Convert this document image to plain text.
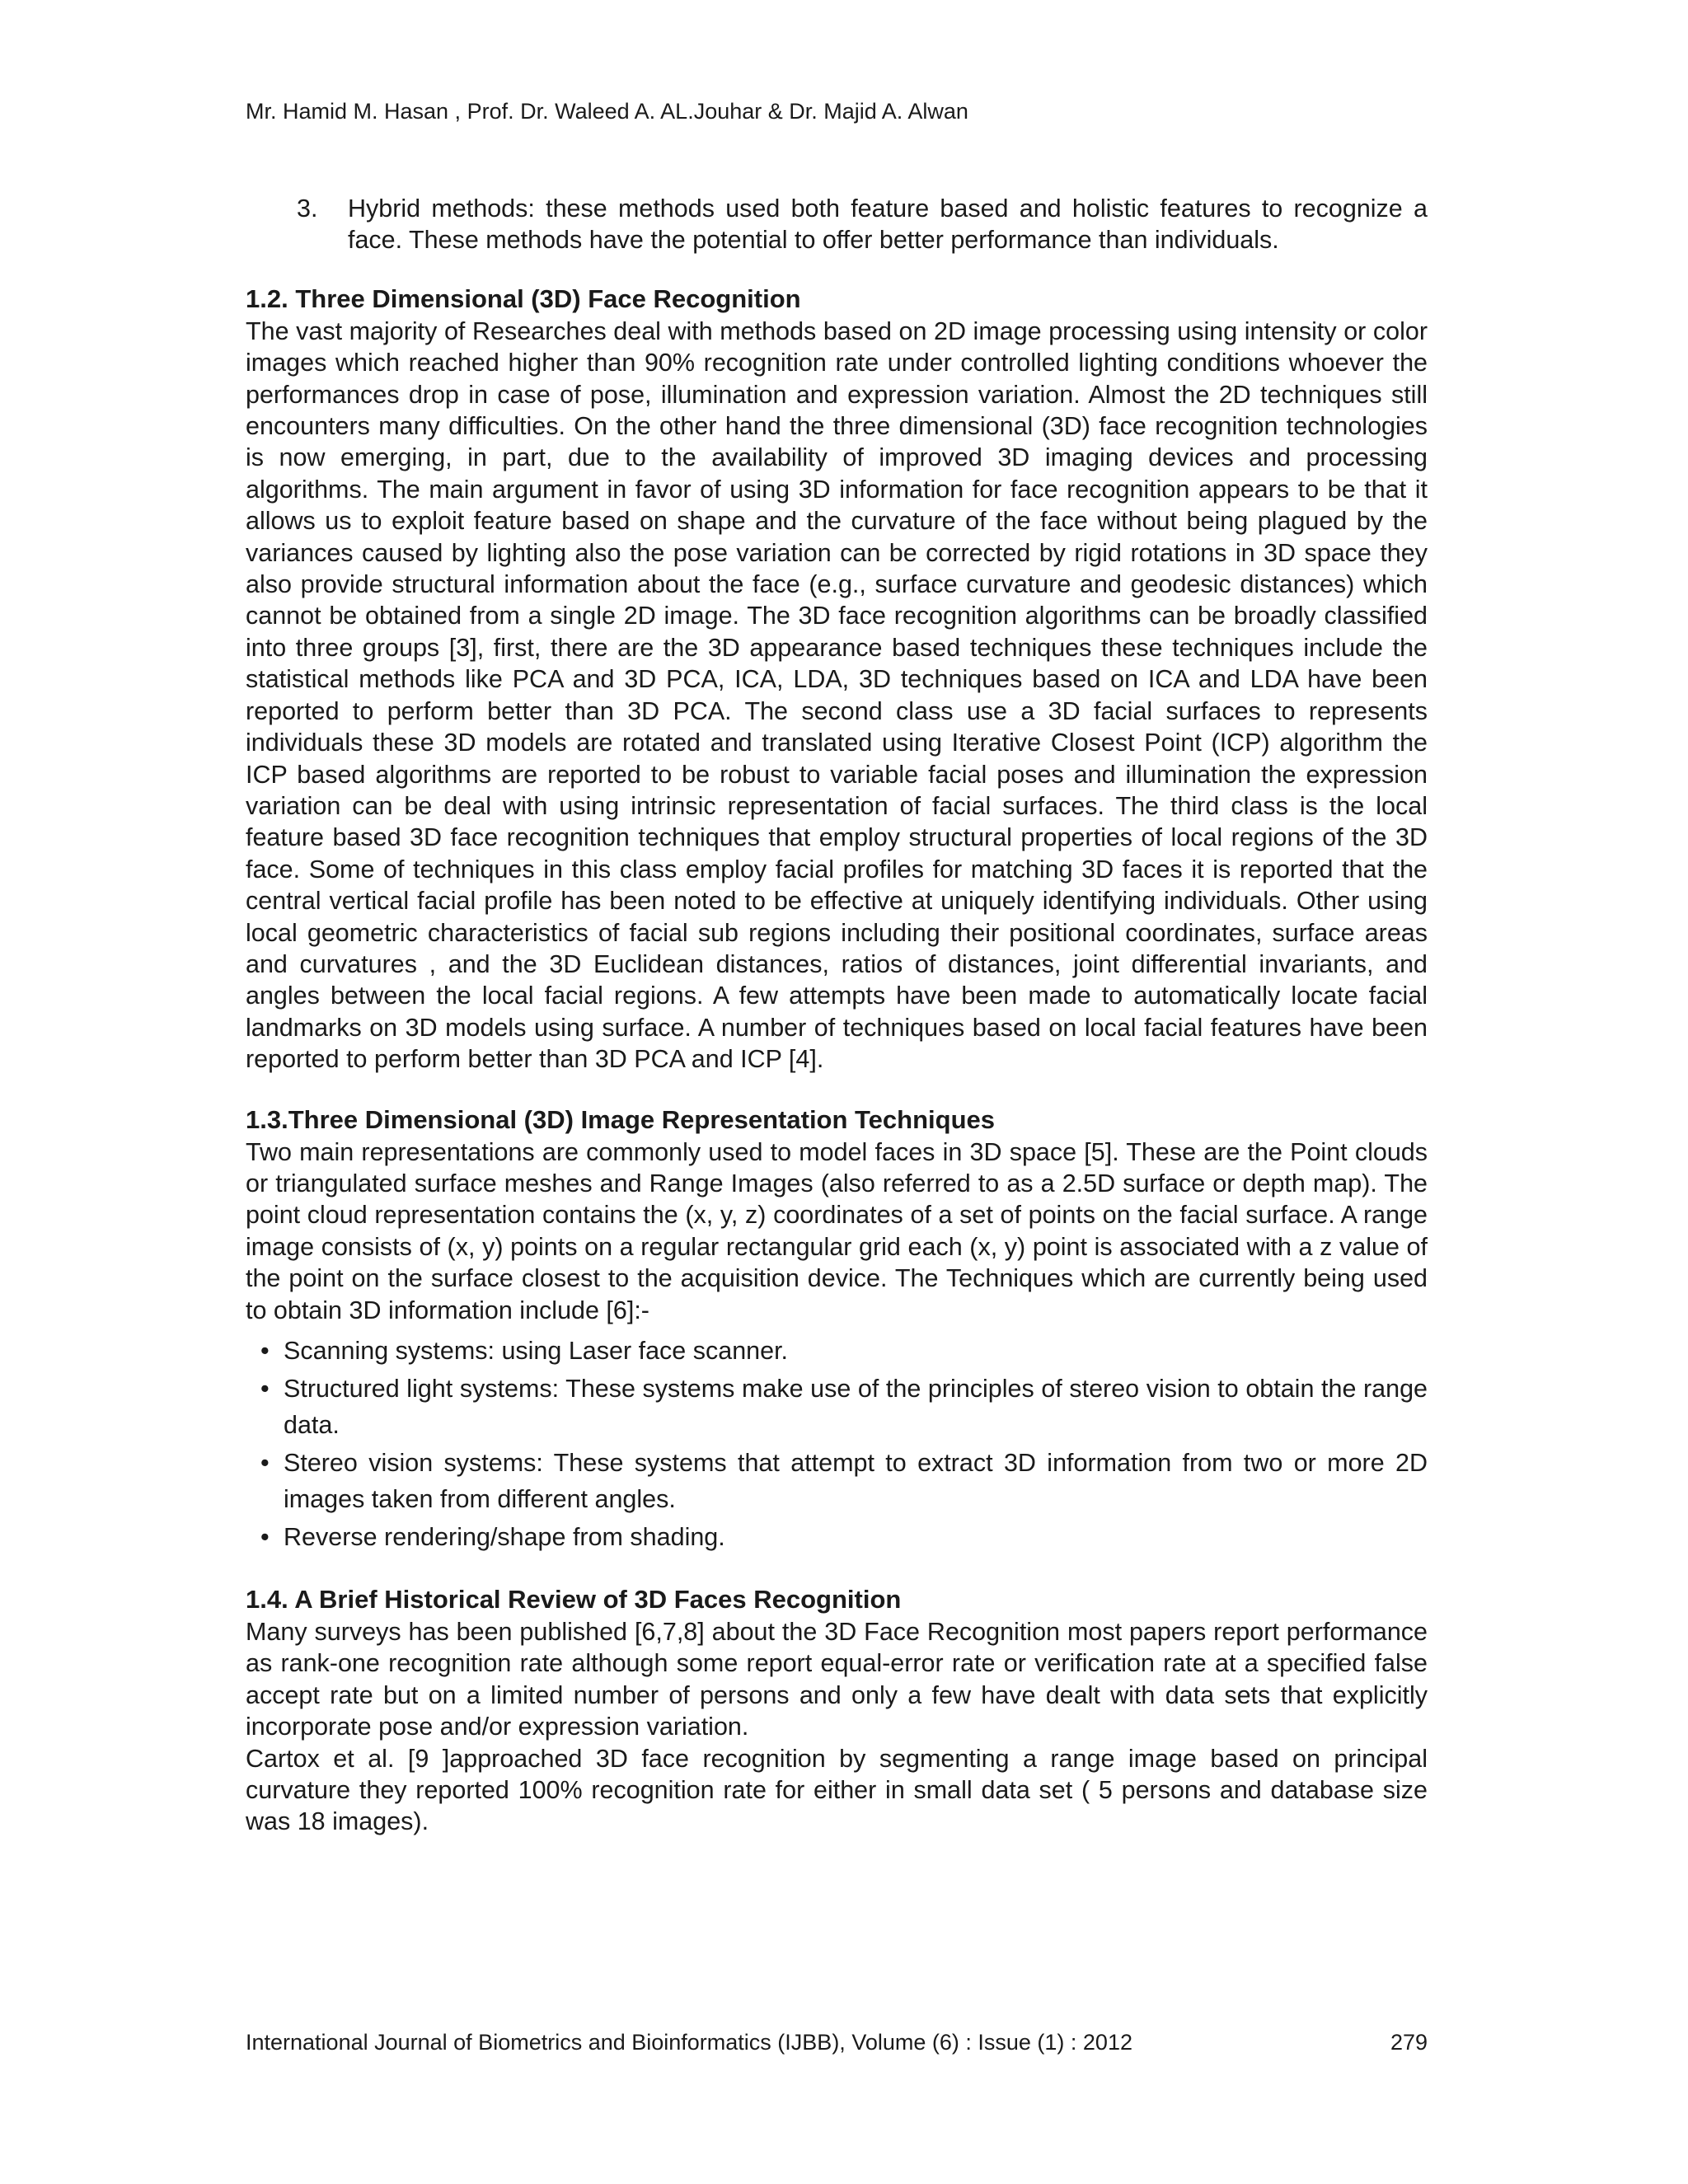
Mr. Hamid M. Hasan , Prof. Dr. Waleed A. AL.Jouhar & Dr. Majid A. Alwan
3.	Hybrid methods: these methods used both feature based and holistic features to recognize a face. These methods have the potential to offer better performance than individuals.
1.2. Three Dimensional (3D) Face Recognition

The vast majority of Researches deal with methods based on 2D image processing using intensity or color images which reached higher than 90% recognition rate under controlled lighting conditions whoever the performances drop in case of pose, illumination and expression variation. Almost the 2D techniques still encounters many difficulties. On the other hand the three dimensional (3D) face recognition technologies is now emerging, in part, due to the availability of improved 3D imaging devices and processing algorithms. The main argument in favor of using 3D information for face recognition appears to be that it allows us to exploit feature based on shape and the curvature of the face without being plagued by the variances caused by lighting also the pose variation can be corrected by rigid rotations in 3D space they also provide structural information about the face (e.g., surface curvature and geodesic distances) which cannot be obtained from a single 2D image. The 3D face recognition algorithms can be broadly classified into three groups [3], first, there are the 3D appearance based techniques these techniques include the statistical methods like PCA and 3D PCA, ICA, LDA, 3D techniques based on ICA and LDA have been reported to perform better than 3D PCA. The second class use a 3D facial surfaces to represents individuals these 3D models are rotated and translated using Iterative Closest Point (ICP) algorithm the ICP based algorithms are reported to be robust to variable facial poses and illumination the expression variation can be deal with using intrinsic representation of facial surfaces. The third class is the local feature based 3D face recognition techniques that employ structural properties of local regions of the 3D face. Some of techniques in this class employ facial profiles for matching 3D faces it is reported that the central vertical facial profile has been noted to be effective at uniquely identifying individuals. Other using local geometric characteristics of facial sub regions including their positional coordinates, surface areas and curvatures , and the 3D Euclidean distances, ratios of distances, joint differential invariants, and angles between the local facial regions. A few attempts have been made to automatically locate facial landmarks on 3D models using surface. A number of techniques based on local facial features have been reported to perform better than 3D PCA and ICP [4].

1.3.Three Dimensional (3D) Image Representation Techniques

Two main representations are commonly used to model faces in 3D space [5]. These are the Point clouds or triangulated surface meshes and Range Images (also referred to as a 2.5D surface or depth map). The point cloud representation contains the (x, y, z) coordinates of a set of points on the facial surface. A range image consists of (x, y) points on a regular rectangular grid each (x, y) point is associated with a z value of the point on the surface closest to the acquisition device. The Techniques which are currently being used to obtain 3D information include [6]:-

• Scanning systems: using Laser face scanner.
• Structured light systems: These systems make use of the principles of stereo vision to obtain the range data.
• Stereo vision systems: These systems that attempt to extract 3D information from two or more 2D images taken from different angles.
• Reverse rendering/shape from shading.
1.4. A Brief Historical Review of 3D Faces Recognition

Many surveys has been published [6,7,8] about the 3D Face Recognition most papers report performance as rank-one recognition rate although some report equal-error rate or verification rate at a specified false accept rate but on a limited number of persons and only a few have dealt with data sets that explicitly incorporate pose and/or expression variation.

Cartox et al. [9 ]approached 3D face recognition by segmenting a range image based on principal curvature they reported 100% recognition rate for either in small data set ( 5 persons and database size was 18 images).

International Journal of Biometrics and Bioinformatics (IJBB), Volume (6) : Issue (1) : 2012	279
